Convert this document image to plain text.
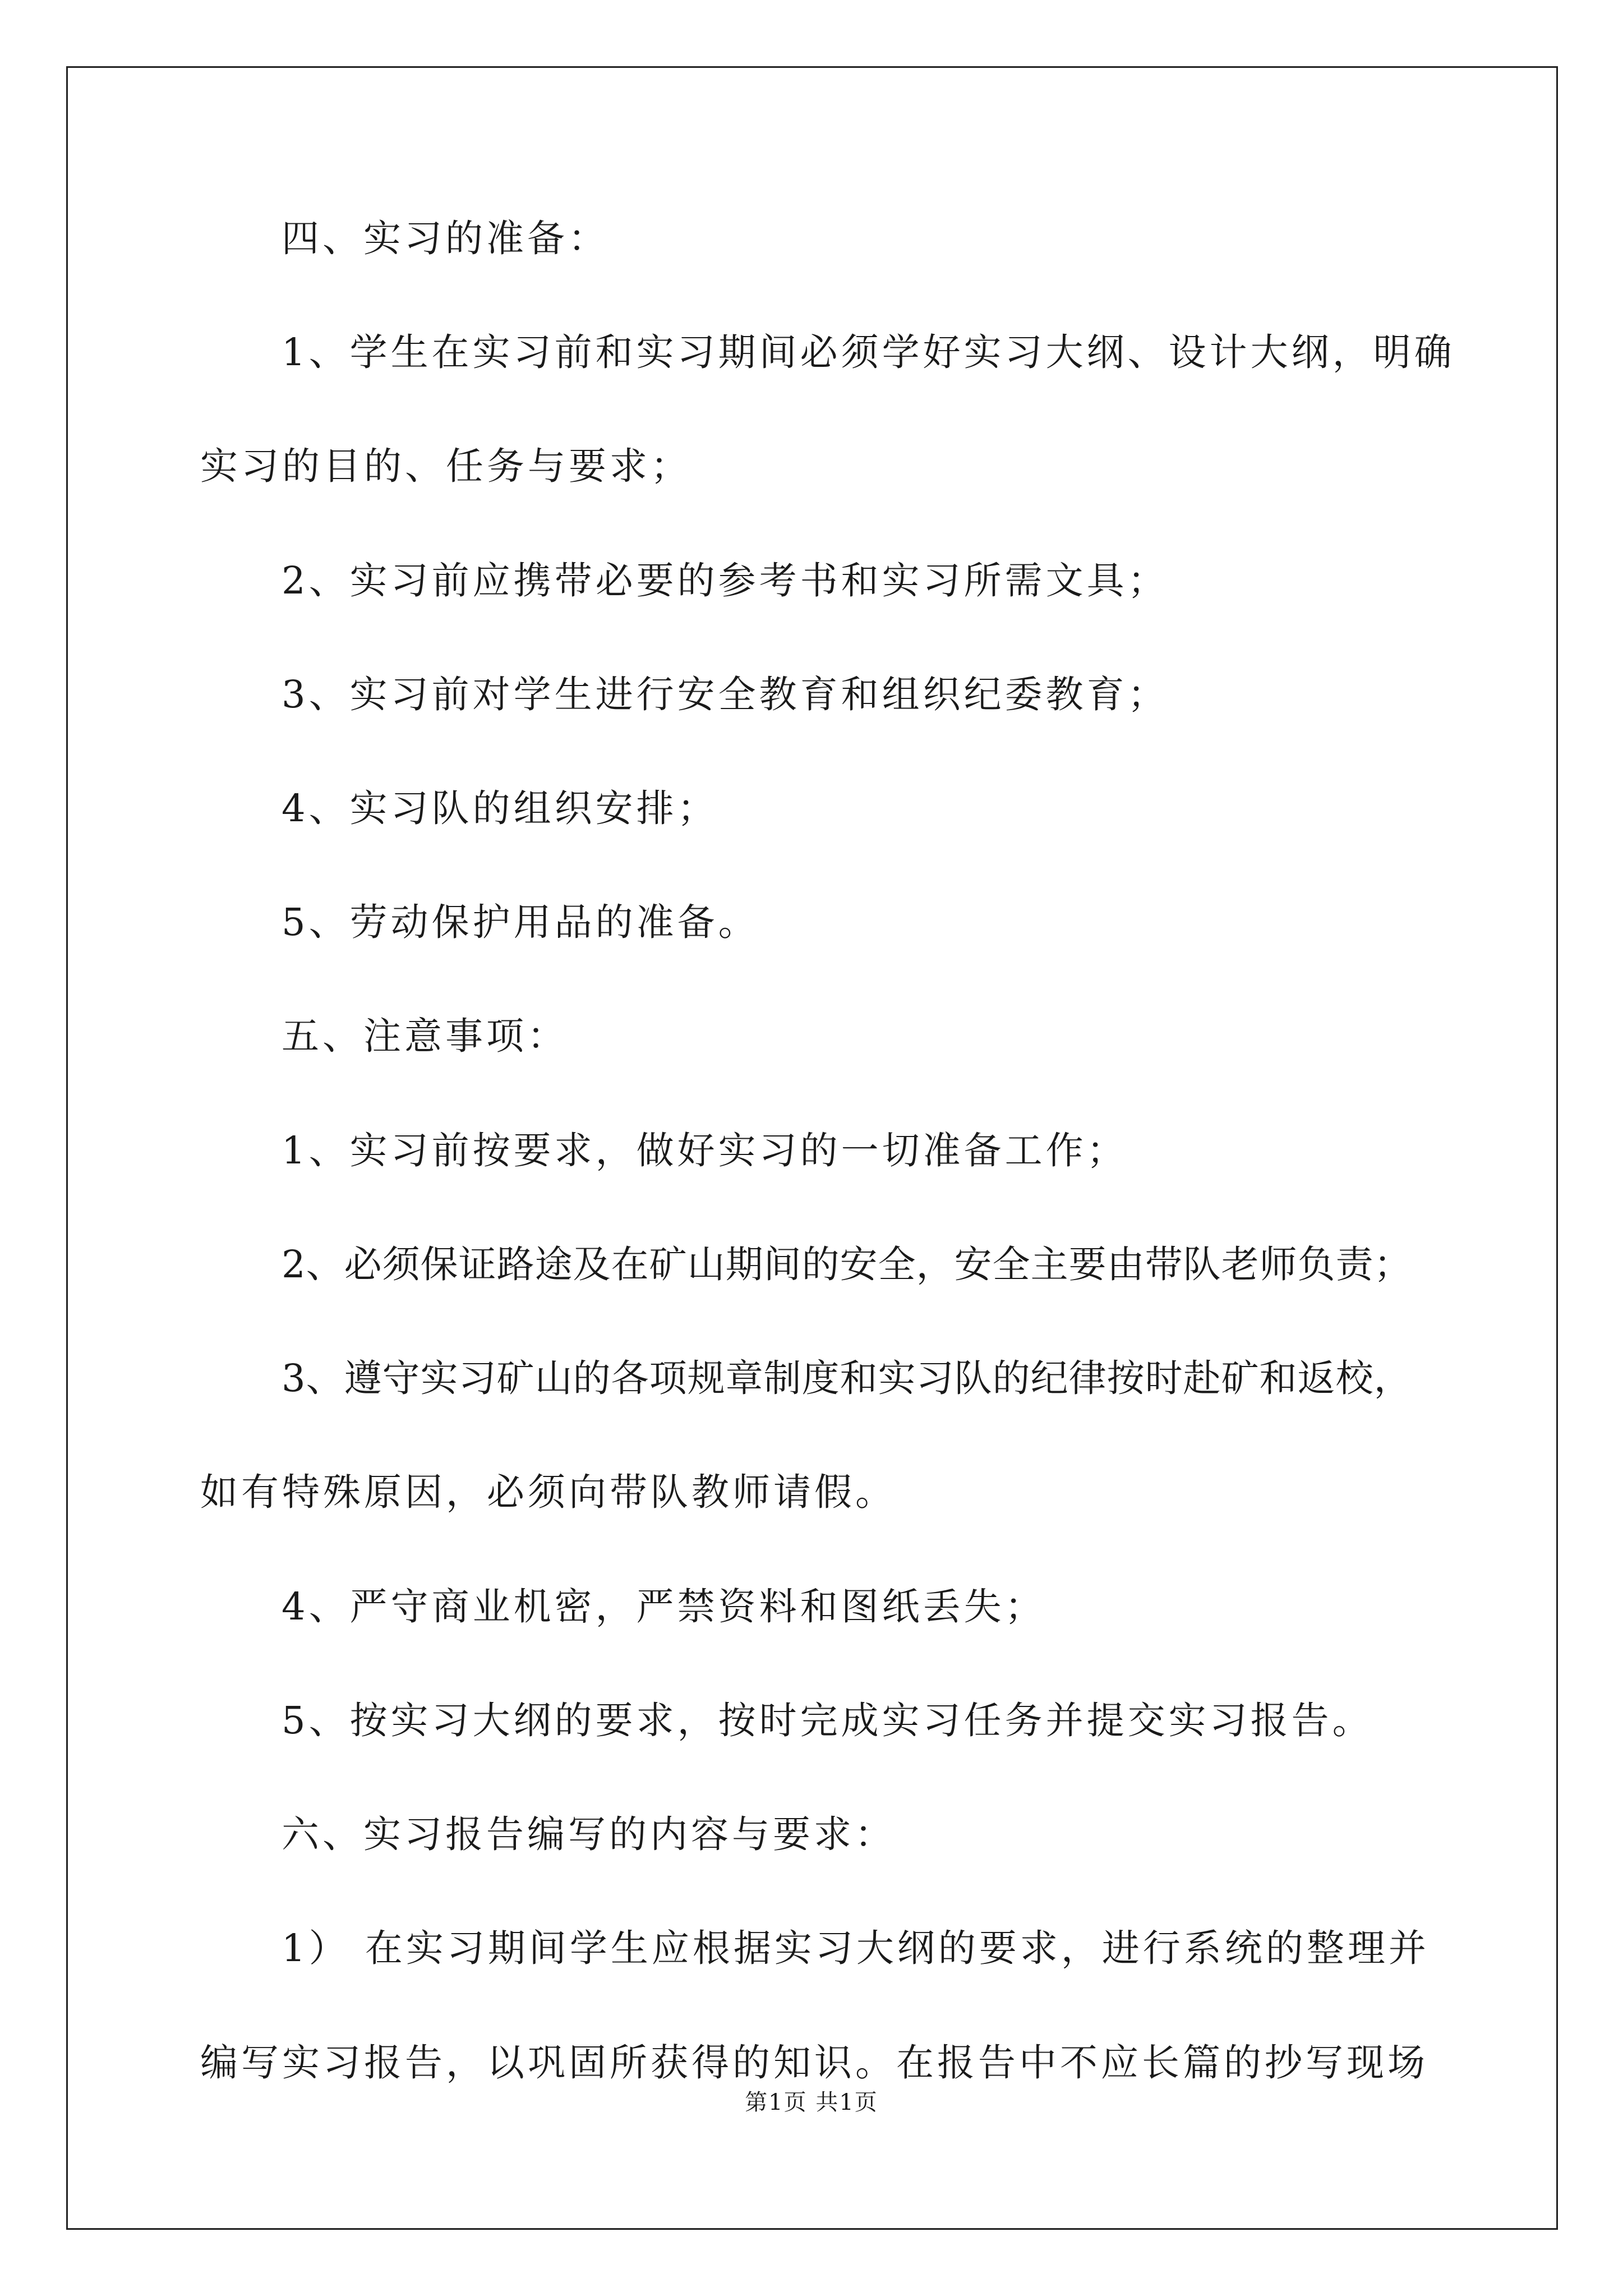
四、实习的准备：
1、学生在实习前和实习期间必须学好实习大纲、设计大纲，明确
实习的目的、任务与要求；
2、实习前应携带必要的参考书和实习所需文具；
3、实习前对学生进行安全教育和组织纪委教育；
4、实习队的组织安排；
5、劳动保护用品的准备。
五、注意事项：
1、实习前按要求，做好实习的一切准备工作；
2、必须保证路途及在矿山期间的安全，安全主要由带队老师负责；
3、遵守实习矿山的各项规章制度和实习队的纪律按时赴矿和返校，
如有特殊原因，必须向带队教师请假。
4、严守商业机密，严禁资料和图纸丢失；
5、按实习大纲的要求，按时完成实习任务并提交实习报告。
六、实习报告编写的内容与要求：
1） 在实习期间学生应根据实习大纲的要求，进行系统的整理并
编写实习报告，以巩固所获得的知识。在报告中不应长篇的抄写现场
第1页 共1页
